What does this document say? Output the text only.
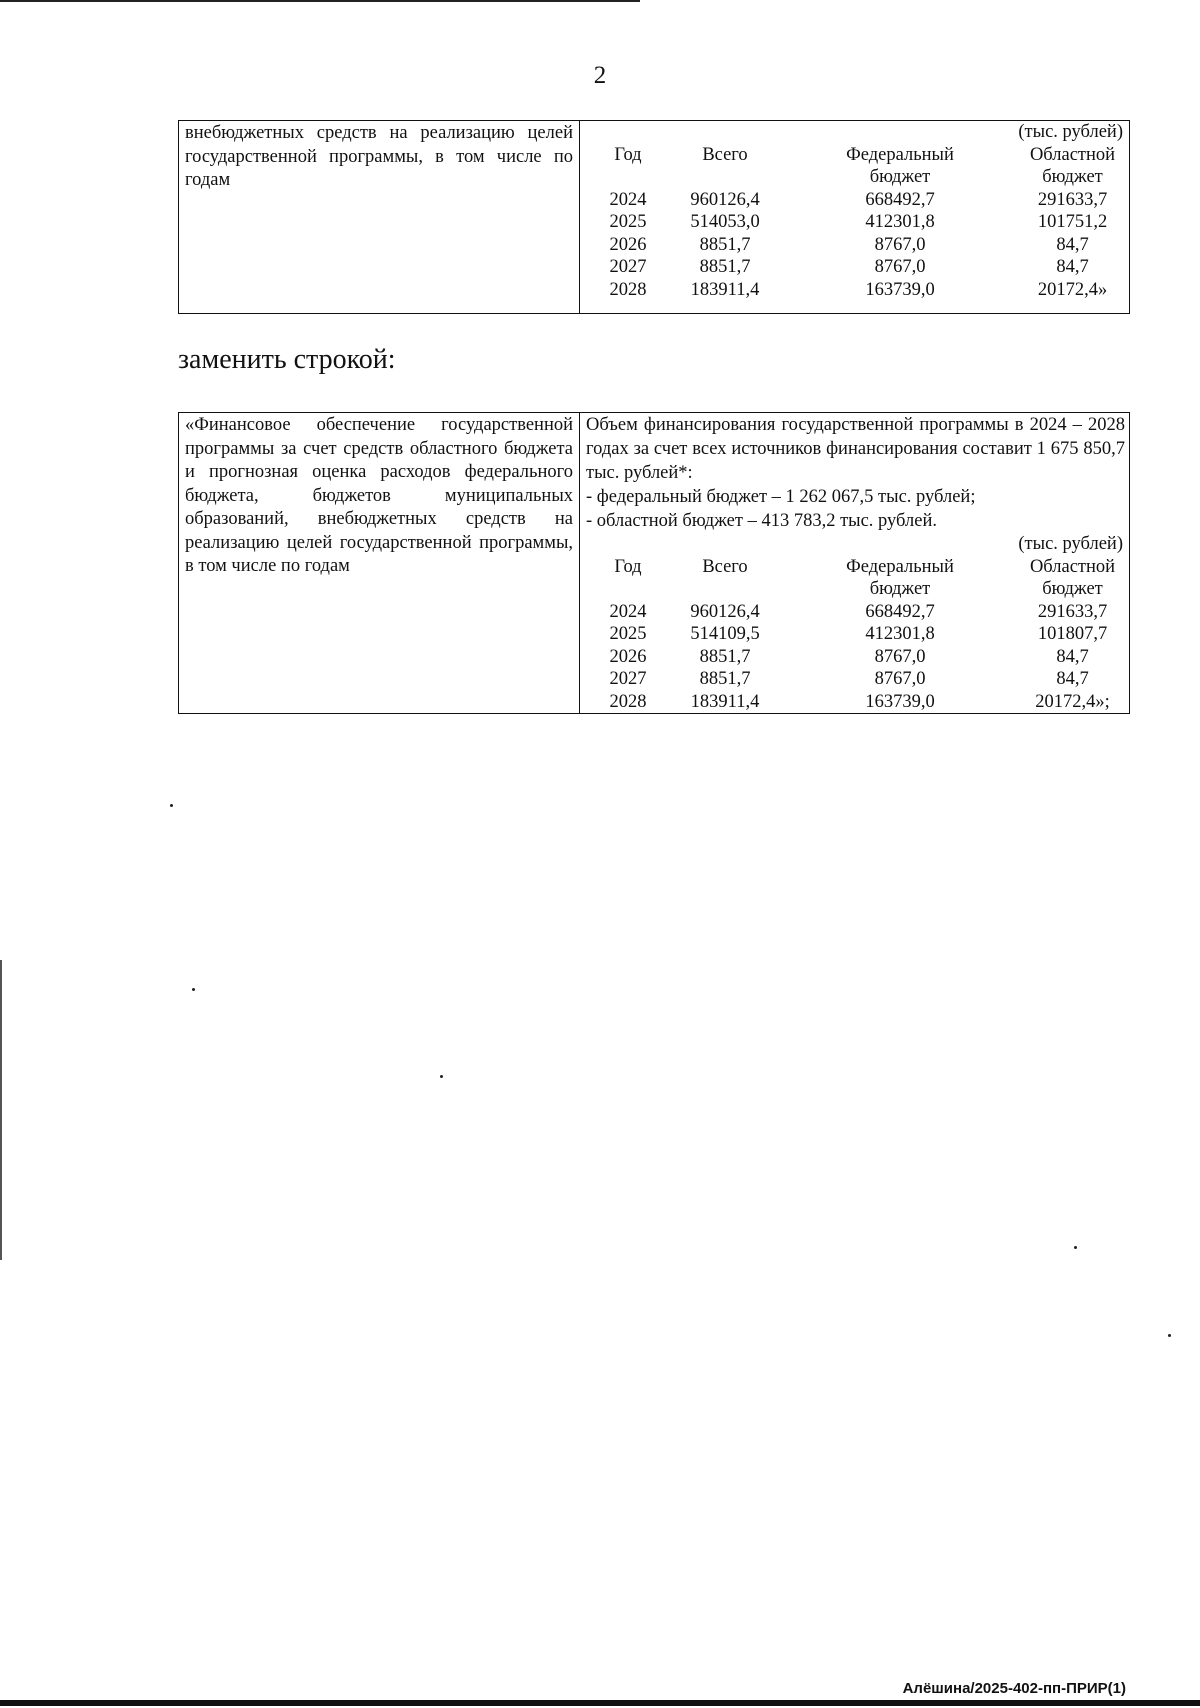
2
внебюджетных средств на реализацию целей государственной программы, в том числе по годам

(тыс. рублей)
Год	Всего	Федеральный	Областной
		бюджет	бюджет
2024	960126,4	668492,7	291633,7
2025	514053,0	412301,8	101751,2
2026	8851,7	8767,0	84,7
2027	8851,7	8767,0	84,7
2028	183911,4	163739,0	20172,4»
заменить строкой:
«Финансовое обеспечение государственной программы за счет средств областного бюджета и прогнозная оценка расходов федерального бюджета, бюджетов муниципальных образований, внебюджетных средств на реализацию целей государственной программы, в том числе по годам

Объем финансирования государственной программы в 2024 – 2028 годах за счет всех источников финансирования составит 1 675 850,7 тыс. рублей*:
- федеральный бюджет – 1 262 067,5 тыс. рублей;
- областной бюджет – 413 783,2 тыс. рублей.
(тыс. рублей)
Год	Всего	Федеральный	Областной
		бюджет	бюджет
2024	960126,4	668492,7	291633,7
2025	514109,5	412301,8	101807,7
2026	8851,7	8767,0	84,7
2027	8851,7	8767,0	84,7
2028	183911,4	163739,0	20172,4»;
Алёшина/2025-402-пп-ПРИР(1)
